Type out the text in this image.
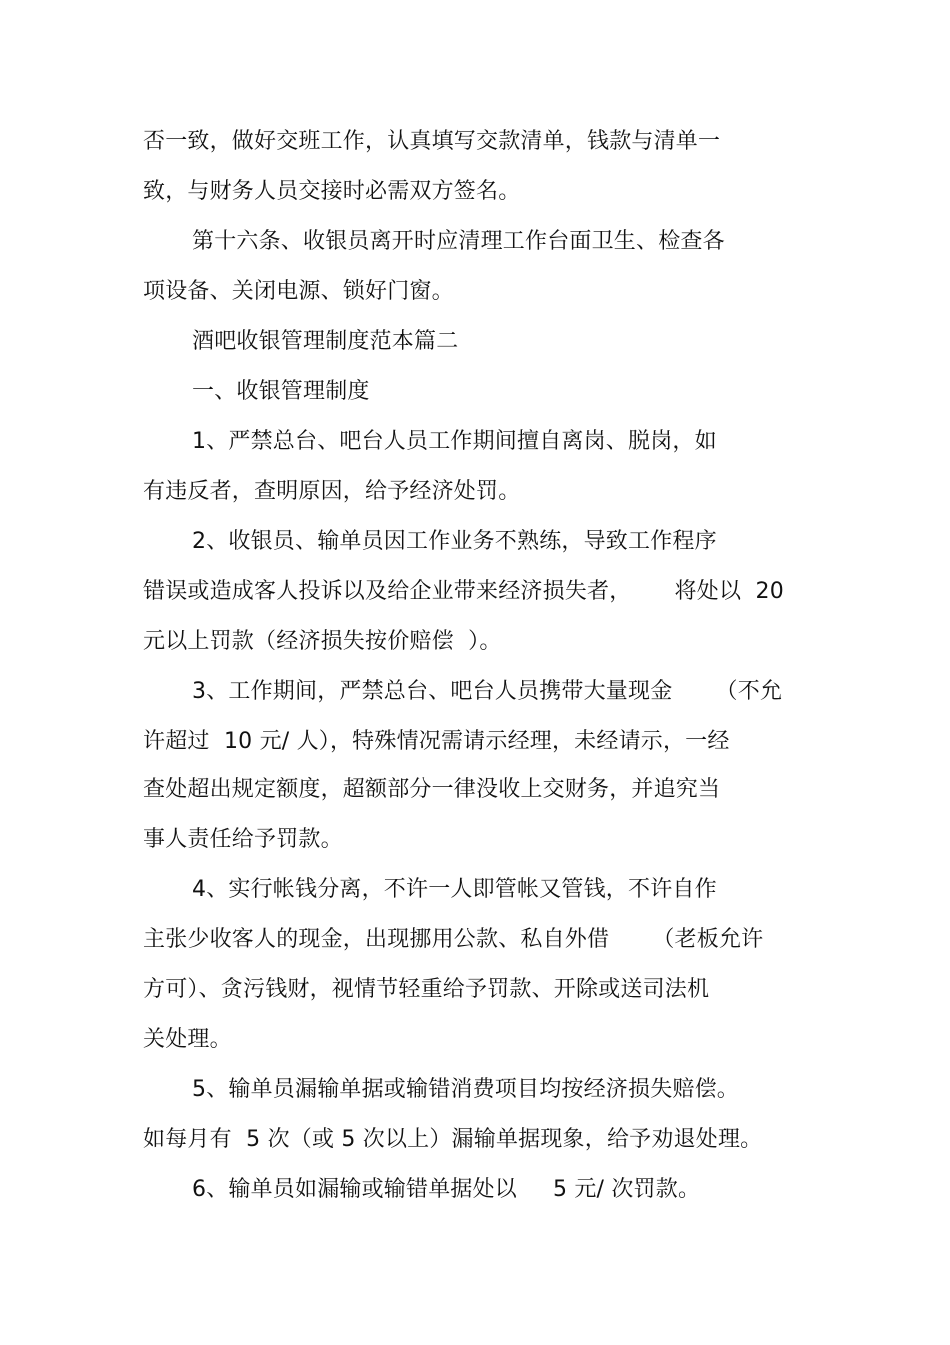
否一致，做好交班工作，认真填写交款清单，钱款与清单一
致，与财务人员交接时必需双方签名。
第十六条、收银员离开时应清理工作台面卫生、检查各
项设备、关闭电源、锁好门窗。
酒吧收银管理制度范本篇二
一、收银管理制度
1、严禁总台、吧台人员工作期间擅自离岗、脱岗，如
有违反者，查明原因，给予经济处罚。
2、收银员、输单员因工作业务不熟练，导致工作程序
错误或造成客人投诉以及给企业带来经济损失者，      将处以  20
元以上罚款（经济损失按价赔偿  ）。
3、工作期间，严禁总台、吧台人员携带大量现金      （不允
许超过  10 元/ 人），特殊情况需请示经理，未经请示，一经
查处超出规定额度，超额部分一律没收上交财务，并追究当
事人责任给予罚款。
4、实行帐钱分离，不许一人即管帐又管钱，不许自作
主张少收客人的现金，出现挪用公款、私自外借      （老板允许
方可）、贪污钱财，视情节轻重给予罚款、开除或送司法机
关处理。
5、输单员漏输单据或输错消费项目均按经济损失赔偿。
如每月有  5 次（或 5 次以上）漏输单据现象，给予劝退处理。
6、输单员如漏输或输错单据处以     5 元/ 次罚款。
